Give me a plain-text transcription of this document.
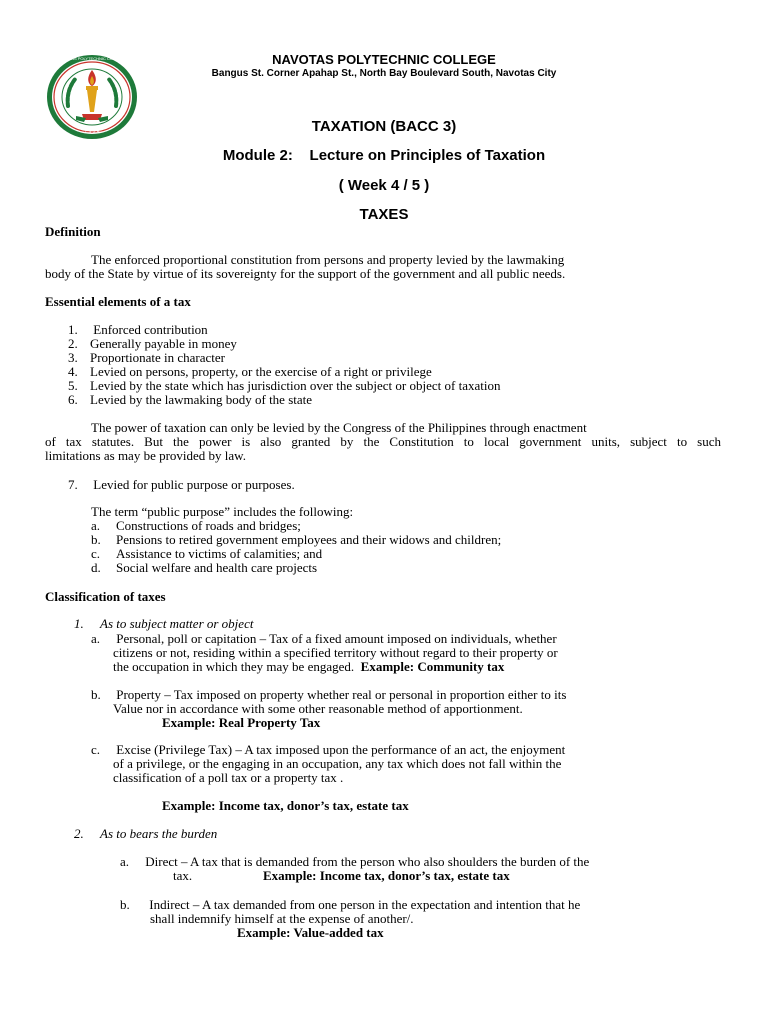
NAVOTAS POLYTECHNIC COLLEGE
1 9 9 4
NAVOTAS POLYTECHNIC COLLEGE
Bangus St. Corner Apahap St., North Bay Boulevard South, Navotas City
TAXATION (BACC 3)
Module 2: Lecture on Principles of Taxation
( Week 4 / 5 )
TAXES
Definition
The enforced proportional constitution from persons and property levied by the lawmaking
body of the State by virtue of its sovereignty for the support of the government and all public needs.
Essential elements of a tax
1. Enforced contribution
2. Generally payable in money
3. Proportionate in character
4. Levied on persons, property, or the exercise of a right or privilege
5. Levied by the state which has jurisdiction over the subject or object of taxation
6. Levied by the lawmaking body of the state
The power of taxation can only be levied by the Congress of the Philippines through enactment
of tax statutes. But the power is also granted by the Constitution to local government units, subject to such
limitations as may be provided by law.
7. Levied for public purpose or purposes.
The term “public purpose” includes the following:
a. Constructions of roads and bridges;
b. Pensions to retired government employees and their widows and children;
c. Assistance to victims of calamities; and
d. Social welfare and health care projects
Classification of taxes
1. As to subject matter or object
a. Personal, poll or capitation – Tax of a fixed amount imposed on individuals, whether
citizens or not, residing within a specified territory without regard to their property or
the occupation in which they may be engaged. Example: Community tax
b. Property – Tax imposed on property whether real or personal in proportion either to its
Value nor in accordance with some other reasonable method of apportionment.
Example: Real Property Tax
c. Excise (Privilege Tax) – A tax imposed upon the performance of an act, the enjoyment
of a privilege, or the engaging in an occupation, any tax which does not fall within the
classification of a poll tax or a property tax .
Example: Income tax, donor’s tax, estate tax
2. As to bears the burden
a. Direct – A tax that is demanded from the person who also shoulders the burden of the
tax.	Example: Income tax, donor’s tax, estate tax
b. Indirect – A tax demanded from one person in the expectation and intention that he
shall indemnify himself at the expense of another/.
Example: Value-added tax
